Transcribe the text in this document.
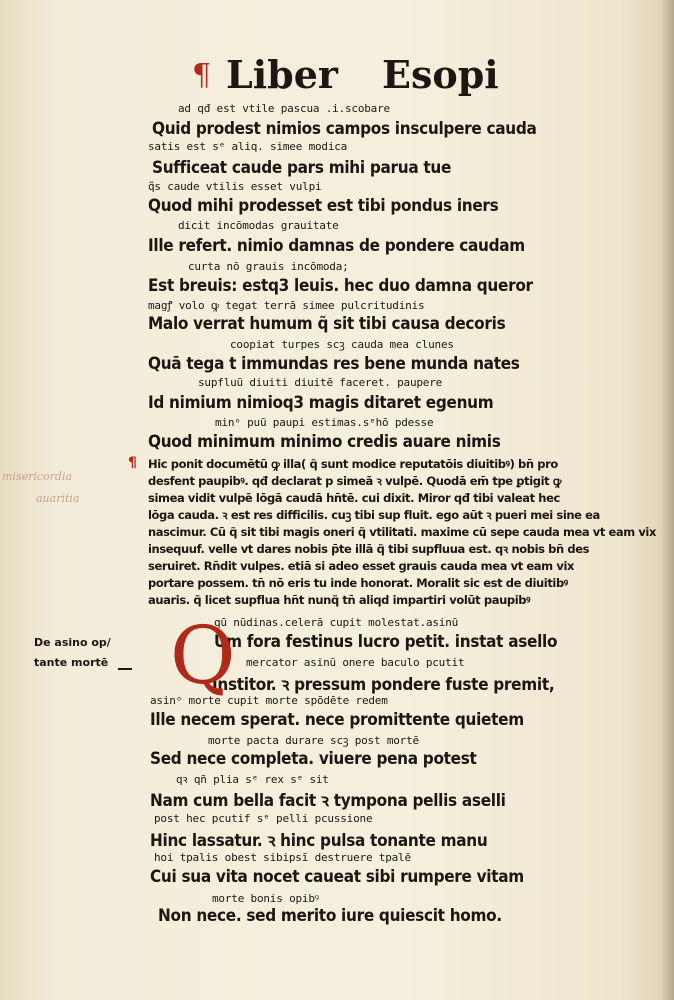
¶ Liber Esopi
ad qđ est vtile pascua .i.scobare
Quid prodest nimios campos insculpere cauda
satis est sᵉ aliq. simee modica
Sufficeat caude pars mihi parua tue
q̃s caude vtilis esset vulpi
Quod mihi prodesset est tibi pondus iners
dicit incōmodas grauitate
Ille refert. nimio damnas de pondere caudam
curta nō grauis incōmoda;
Est breuis: estq3 leuis. hec duo damna queror
magꝭ volo ꝙ tegat terrā simee pulcritudinis
Malo verrat humum q̃ sit tibi causa decoris
coopiat turpes scꝫ cauda mea clunes
Quā tega t immundas res bene munda nates
supfluū diuiti diuitē faceret. paupere
Id nimium nimioq3 magis ditaret egenum
minᵒ puū paupi estimas.sᵉhō pdesse
Quod minimum minimo credis auare nimis
Hic ponit documētū ꝙ illa( q̃ sunt modice reputatōis diuitibꝰ) bn̄ pro
desfent paupibꝰ. qđ declarat p simeā ꝛ vulpē. Quodā em̄ tpe ꝑtigit ꝙ
simea vidit vulpē lōgā caudā hn̄tē. cui dixit. Miror qđ tibi valeat hec
lōga cauda. ꝛ est res difficilis. cuꝫ tibi sup fluit. ego aūt ꝛ pueri mei sine ea
nascimur. Cū q̃ sit tibi magis oneri q̃ vtilitati. maxime cū sepe cauda mea vt eam vix
insequuf. velle vt dares nobis p̄te illā q̃ tibi supfluua est. qꝛ nobis bn̄ des
seruiret. Rn̄dit vulpes. etiā si adeo esset grauis cauda mea vt eam vix
portare possem. tn̄ nō eris tu inde honorat. Moralit sic est de diuitibꝰ
auaris. q̃ licet supflua hn̄t nunq̃ tn̄ aliqd impartiri volūt paupibꝰ
qū nūdinas.celerā cupit molestat.asinū
Um fora festinus lucro petit. instat asello
mercator asinū onere baculo pcutit
Institor. ꝛ pressum pondere fuste premit,
asinᵒ morte cupit morte spōdēte redem
Ille necem sperat. nece promittente quietem
morte pacta durare scꝫ post mortē
Sed nece completa. viuere pena potest
qꝛ qñ plia sᵉ rex sᵉ sit
Nam cum bella facit ꝛ tympona pellis aselli
post hec pcutif sᵉ pelli pcussione
Hinc lassatur. ꝛ hinc pulsa tonante manu
hoi tpalis obest sibipsī destruere tpalē
Cui sua vita nocet caueat sibi rumpere vitam
morte bonis opibꝰ
Non nece. sed merito iure quiescit homo.
¶
misericordia
auaritia
De asino op/
tante mortē Q
